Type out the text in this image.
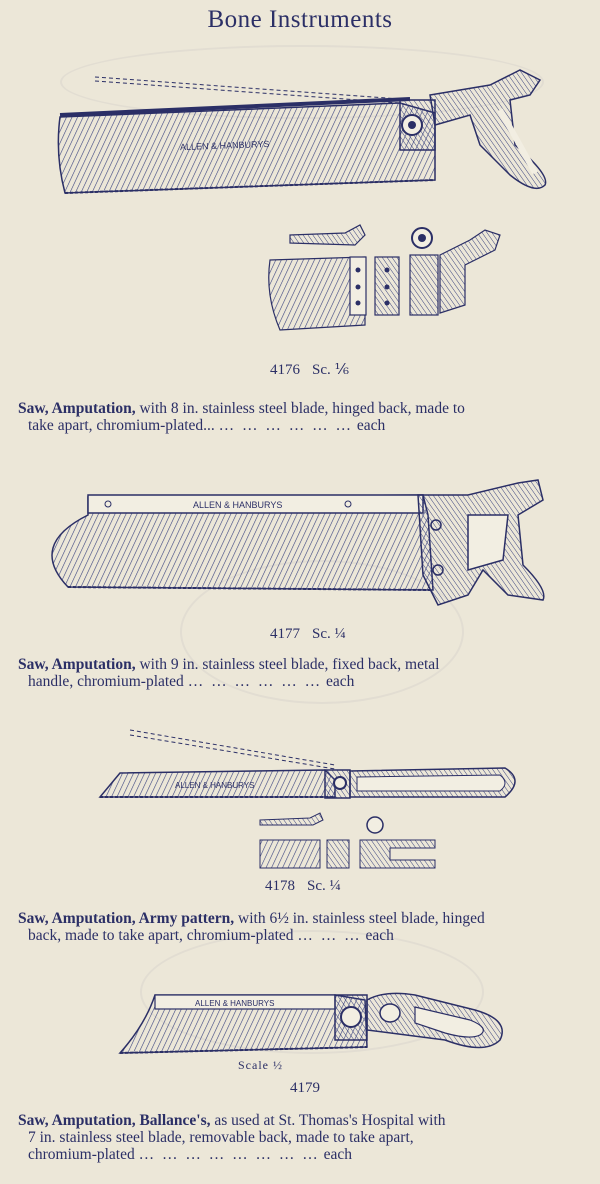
Bone Instruments
ALLEN & HANBURYS
4176 Sc. ⅙
Saw, Amputation, with 8 in. stainless steel blade, hinged back, made to
take apart, chromium-plated... … … … … … … each
ALLEN & HANBURYS
4177 Sc. ¼
Saw, Amputation, with 9 in. stainless steel blade, fixed back, metal
handle, chromium-plated … … … … … … each
ALLEN & HANBURYS
4178 Sc. ¼
Saw, Amputation, Army pattern, with 6½ in. stainless steel blade, hinged
back, made to take apart, chromium-plated … … … each
ALLEN & HANBURYS
Scale ½
4179
Saw, Amputation, Ballance's, as used at St. Thomas's Hospital with
7 in. stainless steel blade, removable back, made to take apart,
chromium-plated … … … … … … … … each
